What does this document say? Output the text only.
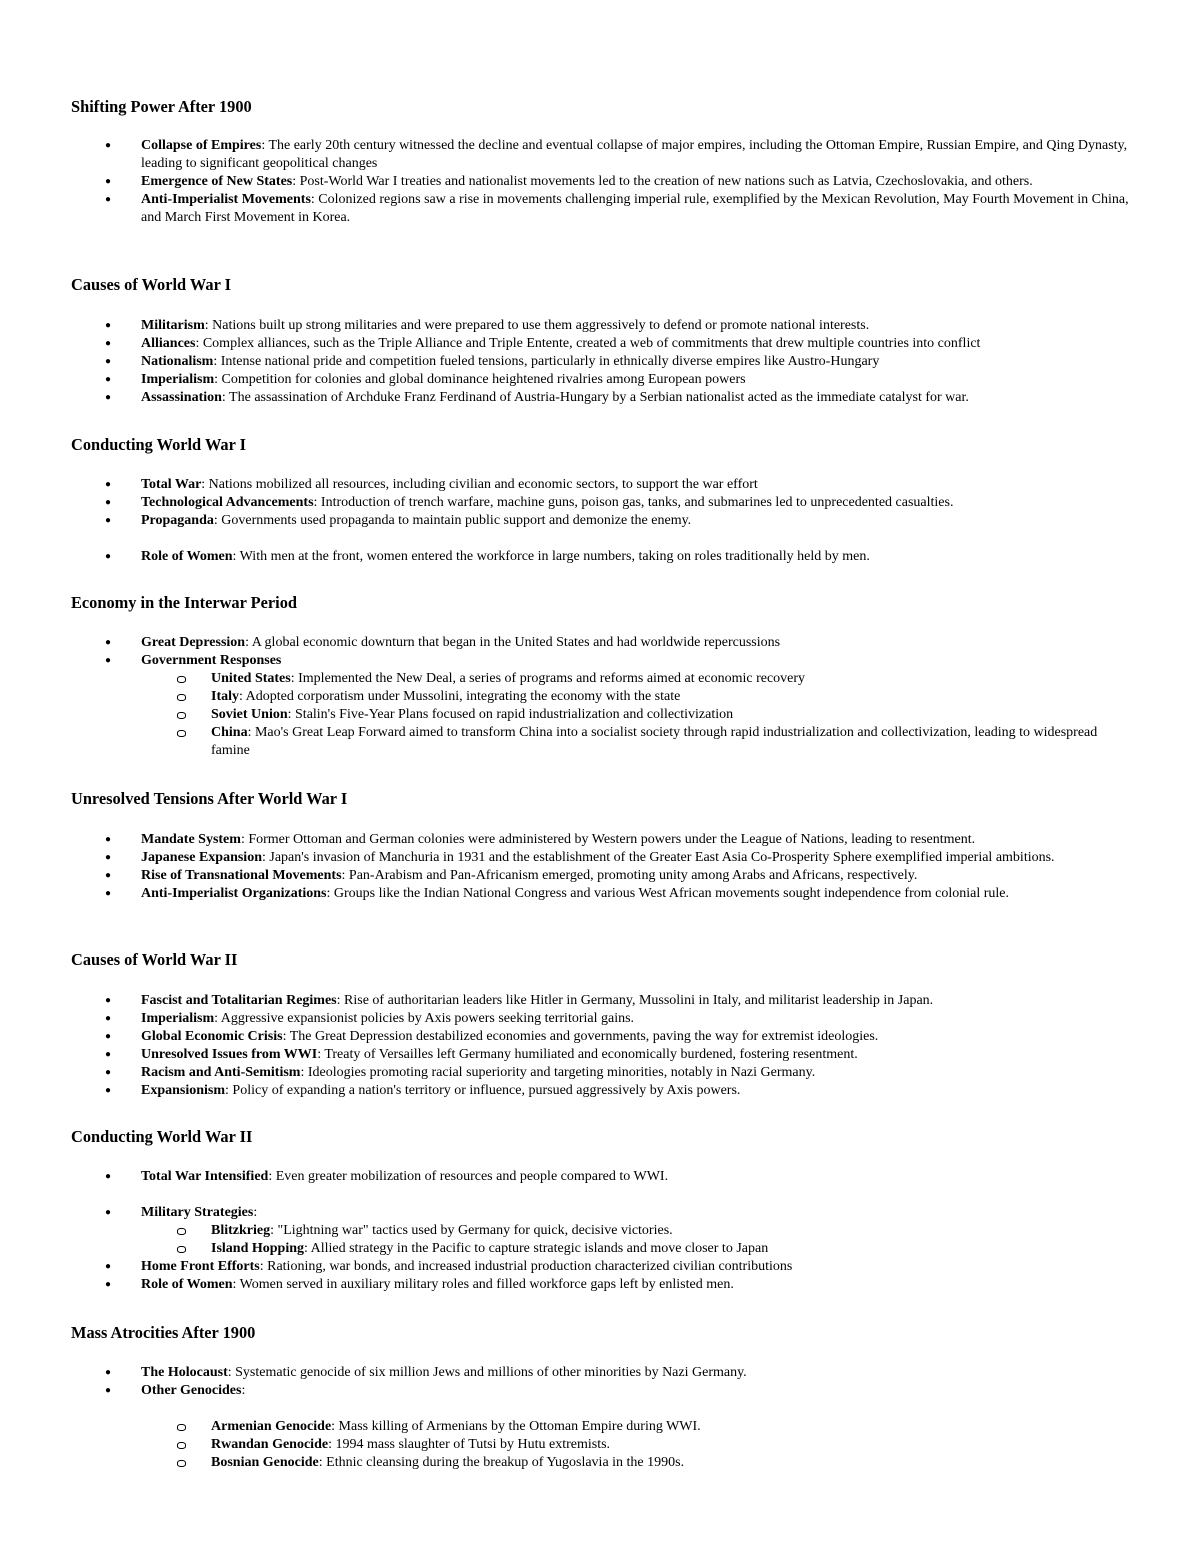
Shifting Power After 1900
● Collapse of Empires: The early 20th century witnessed the decline and eventual collapse of major empires, including the Ottoman Empire, Russian Empire, and Qing Dynasty, leading to significant geopolitical changes
● Emergence of New States: Post-World War I treaties and nationalist movements led to the creation of new nations such as Latvia, Czechoslovakia, and others.
● Anti-Imperialist Movements: Colonized regions saw a rise in movements challenging imperial rule, exemplified by the Mexican Revolution, May Fourth Movement in China, and March First Movement in Korea.
Causes of World War I
● Militarism: Nations built up strong militaries and were prepared to use them aggressively to defend or promote national interests.
● Alliances: Complex alliances, such as the Triple Alliance and Triple Entente, created a web of commitments that drew multiple countries into conflict
● Nationalism: Intense national pride and competition fueled tensions, particularly in ethnically diverse empires like Austro-Hungary
● Imperialism: Competition for colonies and global dominance heightened rivalries among European powers
● Assassination: The assassination of Archduke Franz Ferdinand of Austria-Hungary by a Serbian nationalist acted as the immediate catalyst for war.
Conducting World War I
● Total War: Nations mobilized all resources, including civilian and economic sectors, to support the war effort
● Technological Advancements: Introduction of trench warfare, machine guns, poison gas, tanks, and submarines led to unprecedented casualties.
● Propaganda: Governments used propaganda to maintain public support and demonize the enemy.
● Role of Women: With men at the front, women entered the workforce in large numbers, taking on roles traditionally held by men.
Economy in the Interwar Period
● Great Depression: A global economic downturn that began in the United States and had worldwide repercussions
● Government Responses
United States: Implemented the New Deal, a series of programs and reforms aimed at economic recovery
Italy: Adopted corporatism under Mussolini, integrating the economy with the state
Soviet Union: Stalin's Five-Year Plans focused on rapid industrialization and collectivization
China: Mao's Great Leap Forward aimed to transform China into a socialist society through rapid industrialization and collectivization, leading to widespread famine
Unresolved Tensions After World War I
● Mandate System: Former Ottoman and German colonies were administered by Western powers under the League of Nations, leading to resentment.
● Japanese Expansion: Japan's invasion of Manchuria in 1931 and the establishment of the Greater East Asia Co-Prosperity Sphere exemplified imperial ambitions.
● Rise of Transnational Movements: Pan-Arabism and Pan-Africanism emerged, promoting unity among Arabs and Africans, respectively.
● Anti-Imperialist Organizations: Groups like the Indian National Congress and various West African movements sought independence from colonial rule.
Causes of World War II
● Fascist and Totalitarian Regimes: Rise of authoritarian leaders like Hitler in Germany, Mussolini in Italy, and militarist leadership in Japan.
● Imperialism: Aggressive expansionist policies by Axis powers seeking territorial gains.
● Global Economic Crisis: The Great Depression destabilized economies and governments, paving the way for extremist ideologies.
● Unresolved Issues from WWI: Treaty of Versailles left Germany humiliated and economically burdened, fostering resentment.
● Racism and Anti-Semitism: Ideologies promoting racial superiority and targeting minorities, notably in Nazi Germany.
● Expansionism: Policy of expanding a nation's territory or influence, pursued aggressively by Axis powers.
Conducting World War II
● Total War Intensified: Even greater mobilization of resources and people compared to WWI.
● Military Strategies:
Blitzkrieg: "Lightning war" tactics used by Germany for quick, decisive victories.
Island Hopping: Allied strategy in the Pacific to capture strategic islands and move closer to Japan
● Home Front Efforts: Rationing, war bonds, and increased industrial production characterized civilian contributions
● Role of Women: Women served in auxiliary military roles and filled workforce gaps left by enlisted men.
Mass Atrocities After 1900
● The Holocaust: Systematic genocide of six million Jews and millions of other minorities by Nazi Germany.
● Other Genocides:
Armenian Genocide: Mass killing of Armenians by the Ottoman Empire during WWI.
Rwandan Genocide: 1994 mass slaughter of Tutsi by Hutu extremists.
Bosnian Genocide: Ethnic cleansing during the breakup of Yugoslavia in the 1990s.
